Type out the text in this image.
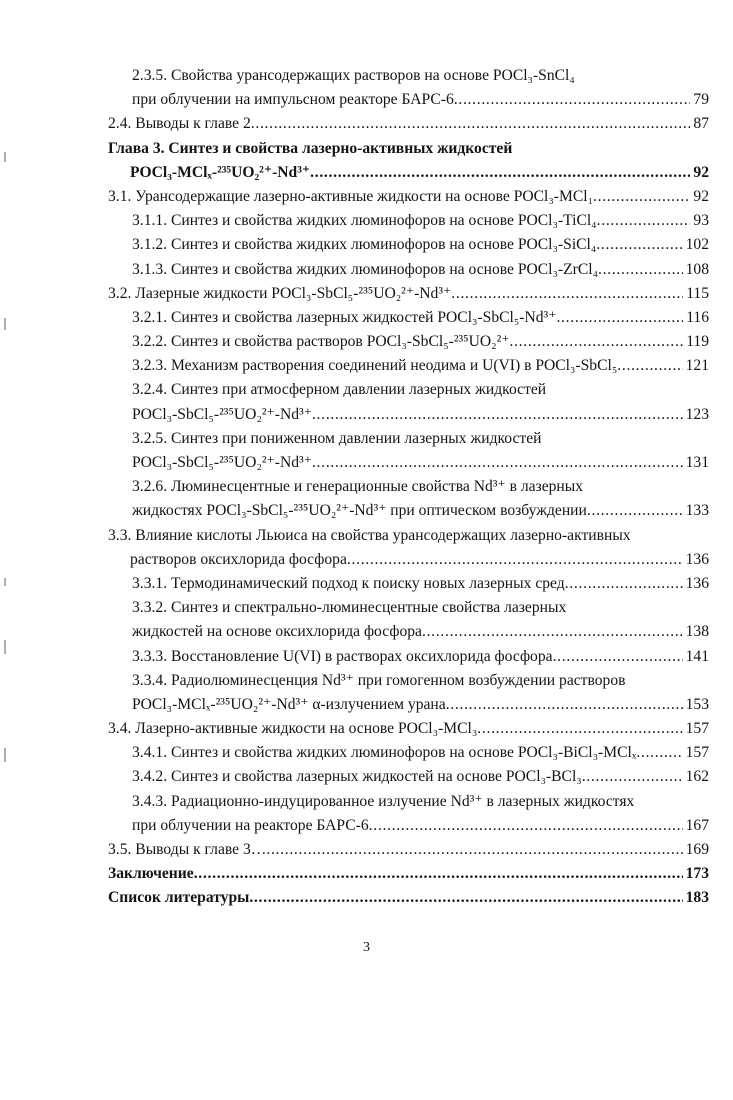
2.3.5. Свойства урансодержащих растворов на основе POCl₃-SnCl₄
при облучении на импульсном реакторе БАРС-6 . . .	79
2.4. Выводы к главе 2 . . .	87
Глава 3. Синтез и свойства лазерно-активных жидкостей
POCl₃-MClₓ-²³⁵UO₂²⁺-Nd³⁺ . . .	92
3.1. Урансодержащие лазерно-активные жидкости на основе POCl₃-MCl₁ . . .	92
3.1.1. Синтез и свойства жидких люминофоров на основе POCl₃-TiCl₄ . . .	93
3.1.2. Синтез и свойства жидких люминофоров на основе POCl₃-SiCl₄ . . .	102
3.1.3. Синтез и свойства жидких люминофоров на основе POCl₃-ZrCl₄ . . .	108
3.2. Лазерные жидкости POCl₃-SbCl₅-²³⁵UO₂²⁺-Nd³⁺ . . .	115
3.2.1. Синтез и свойства лазерных жидкостей POCl₃-SbCl₅-Nd³⁺ . . .	116
3.2.2. Синтез и свойства растворов POCl₃-SbCl₅-²³⁵UO₂²⁺ . . .	119
3.2.3. Механизм растворения соединений неодима и U(VI) в POCl₃-SbCl₅ . . .	121
3.2.4. Синтез при атмосферном давлении лазерных жидкостей
POCl₃-SbCl₅-²³⁵UO₂²⁺-Nd³⁺ . . .	123
3.2.5. Синтез при пониженном давлении лазерных жидкостей
POCl₃-SbCl₅-²³⁵UO₂²⁺-Nd³⁺ . . .	131
3.2.6. Люминесцентные и генерационные свойства Nd³⁺ в лазерных
жидкостях POCl₃-SbCl₅-²³⁵UO₂²⁺-Nd³⁺ при оптическом возбуждении . . .	133
3.3. Влияние кислоты Льюиса на свойства урансодержащих лазерно-активных
растворов оксихлорида фосфора . . .	136
3.3.1. Термодинамический подход к поиску новых лазерных сред . . .	136
3.3.2. Синтез и спектрально-люминесцентные свойства лазерных
жидкостей на основе оксихлорида фосфора . . .	138
3.3.3. Восстановление U(VI) в растворах оксихлорида фосфора . . .	141
3.3.4. Радиолюминесценция Nd³⁺ при гомогенном возбуждении растворов
POCl₃-MClₓ-²³⁵UO₂²⁺-Nd³⁺ α-излучением урана . . .	153
3.4. Лазерно-активные жидкости на основе POCl₃-MCl₃ . . .	157
3.4.1. Синтез и свойства жидких люминофоров на основе POCl₃-BiCl₃-MClₓ . . .	157
3.4.2. Синтез и свойства лазерных жидкостей на основе POCl₃-BCl₃ . . .	162
3.4.3. Радиационно-индуцированное излучение Nd³⁺ в лазерных жидкостях
при облучении на реакторе БАРС-6 . . .	167
3.5. Выводы к главе 3… . . .	169
Заключение . . .	173
Список литературы . . .	183
3
